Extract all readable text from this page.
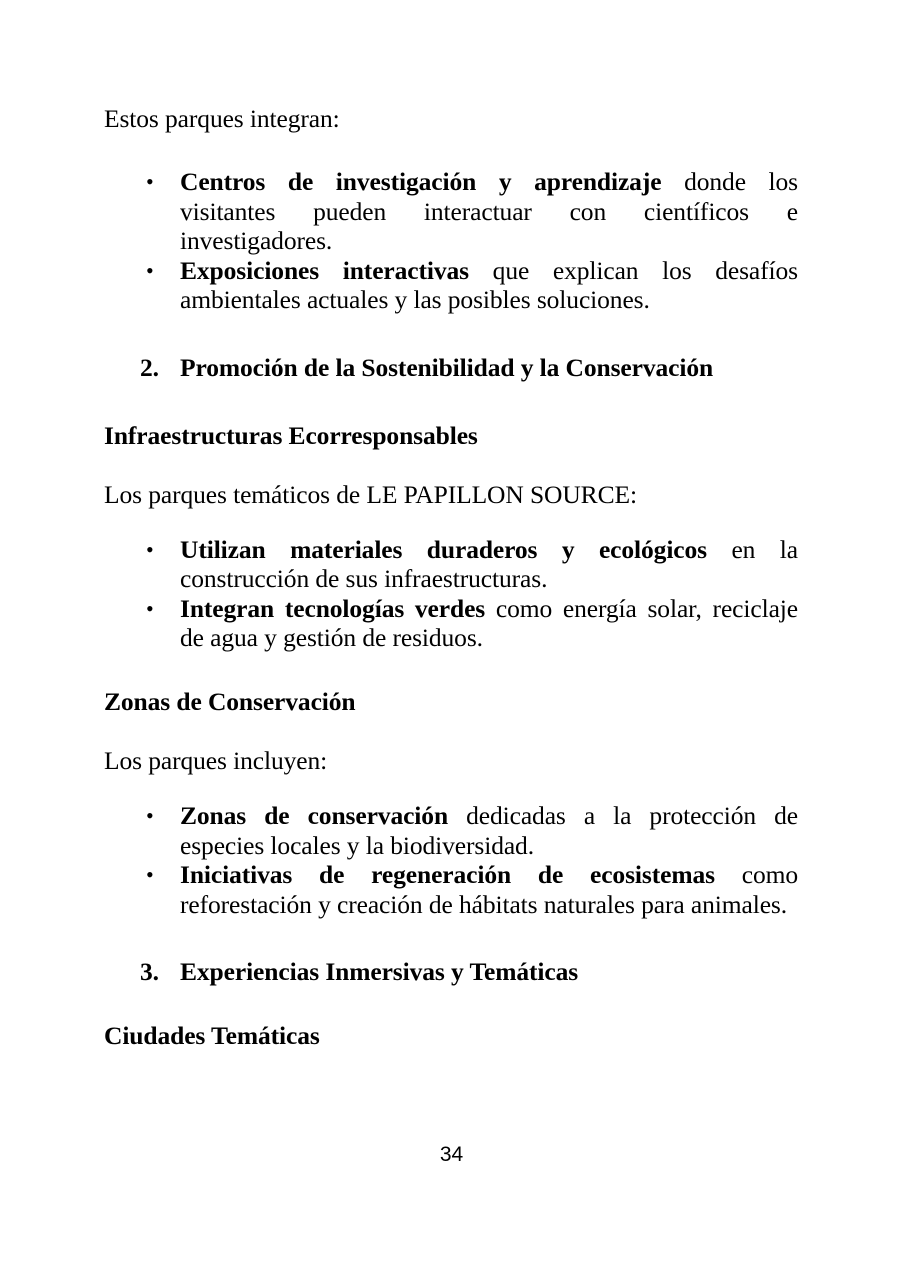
Estos parques integran:

•	Centros de investigación y aprendizaje donde los visitantes pueden interactuar con científicos e investigadores.
•	Exposiciones interactivas que explican los desafíos ambientales actuales y las posibles soluciones.
2. Promoción de la Sostenibilidad y la Conservación
Infraestructuras Ecorresponsables

Los parques temáticos de LE PAPILLON SOURCE:

•	Utilizan materiales duraderos y ecológicos en la construcción de sus infraestructuras.
•	Integran tecnologías verdes como energía solar, reciclaje de agua y gestión de residuos.
Zonas de Conservación

Los parques incluyen:

•	Zonas de conservación dedicadas a la protección de especies locales y la biodiversidad.
•	Iniciativas de regeneración de ecosistemas como reforestación y creación de hábitats naturales para animales.
3. Experiencias Inmersivas y Temáticas
Ciudades Temáticas
34
